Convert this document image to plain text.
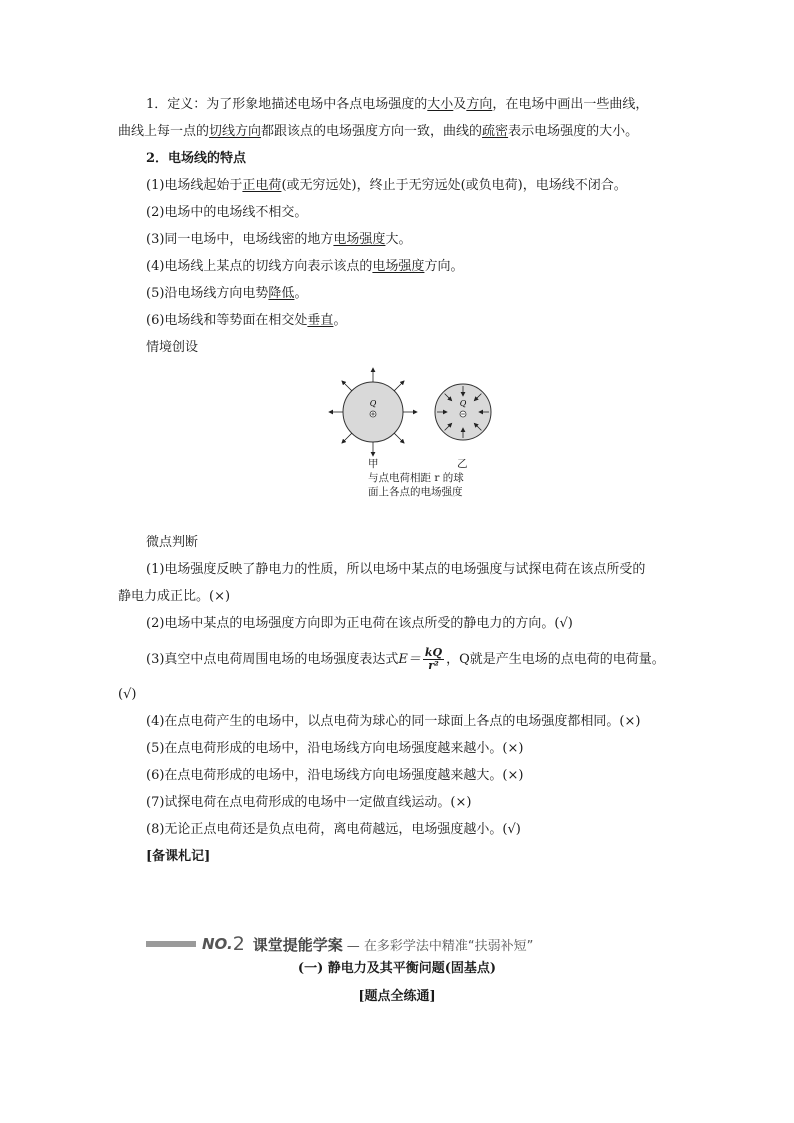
1．定义：为了形象地描述电场中各点电场强度的大小及方向，在电场中画出一些曲线，
曲线上每一点的切线方向都跟该点的电场强度方向一致，曲线的疏密表示电场强度的大小。
2．电场线的特点
(1)电场线起始于正电荷(或无穷远处)，终止于无穷远处(或负电荷)，电场线不闭合。
(2)电场中的电场线不相交。
(3)同一电场中，电场线密的地方电场强度大。
(4)电场线上某点的切线方向表示该点的电场强度方向。
(5)沿电场线方向电势降低。
(6)电场线和等势面在相交处垂直。
情境创设
Q	Q
甲	乙
与点电荷相距 r 的球
面上各点的电场强度
微点判断
(1)电场强度反映了静电力的性质，所以电场中某点的电场强度与试探电荷在该点所受的
静电力成正比。(×)
(2)电场中某点的电场强度方向即为正电荷在该点所受的静电力的方向。(√)
(3)真空中点电荷周围电场的电场强度表达式$E= \frac{kQ}{\text{r²}}$ ，Q就是产生电场的点电荷的电荷量。
(√)
(4)在点电荷产生的电场中，以点电荷为球心的同一球面上各点的电场强度都相同。(×)
(5)在点电荷形成的电场中，沿电场线方向电场强度越来越小。(×)
(6)在点电荷形成的电场中，沿电场线方向电场强度越来越大。(×)
(7)试探电荷在点电荷形成的电场中一定做直线运动。(×)
(8)无论正点电荷还是负点电荷，离电荷越远，电场强度越小。(√)
[备课札记]
NO. 2 课堂提能学案 — 在多彩学法中精准“扶弱补短”
(一) 静电力及其平衡问题(固基点)
[题点全练通]
